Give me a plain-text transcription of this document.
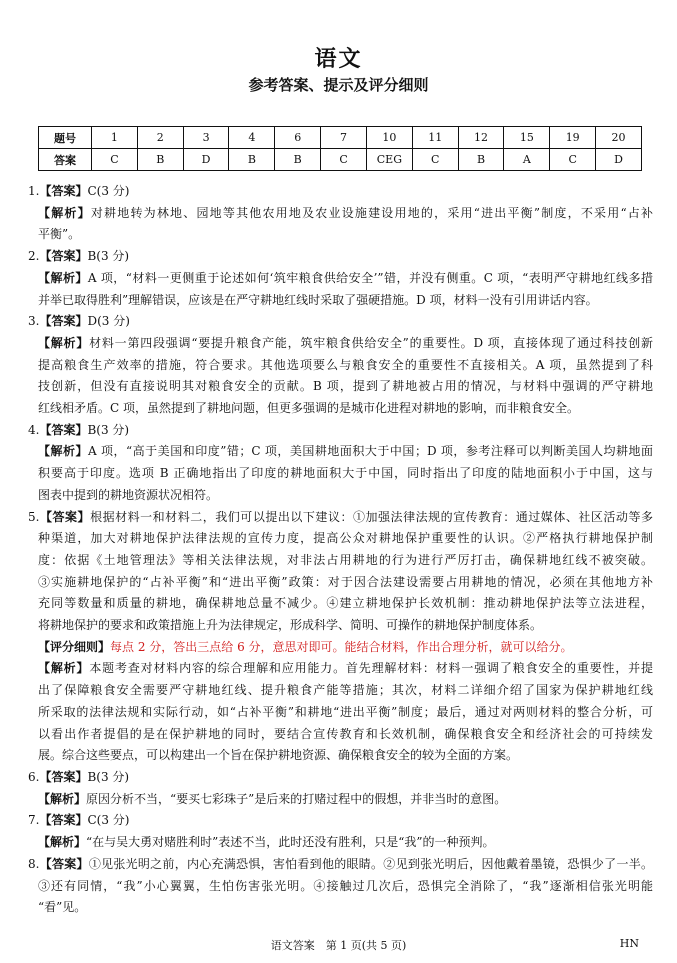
语文
参考答案、提示及评分细则
题号	1	2	3	4	6	7	10	11	12	15	19	20
答案	C	B	D	B	B	C	CEG	C	B	A	C	D
1.【答案】C(3 分)
【解析】对耕地转为林地、园地等其他农用地及农业设施建设用地的，采用“进出平衡”制度，不采用“占补
平衡”。
2.【答案】B(3 分)
【解析】A 项，“材料一更侧重于论述如何‘筑牢粮食供给安全’”错，并没有侧重。C 项，“表明严守耕地红线多措
并举已取得胜利”理解错误，应该是在严守耕地红线时采取了强硬措施。D 项，材料一没有引用讲话内容。
3.【答案】D(3 分)
【解析】材料一第四段强调“要提升粮食产能，筑牢粮食供给安全”的重要性。D 项，直接体现了通过科技创新
提高粮食生产效率的措施，符合要求。其他选项要么与粮食安全的重要性不直接相关。A 项，虽然提到了科
技创新，但没有直接说明其对粮食安全的贡献。B 项，提到了耕地被占用的情况，与材料中强调的严守耕地
红线相矛盾。C 项，虽然提到了耕地问题，但更多强调的是城市化进程对耕地的影响，而非粮食安全。
4.【答案】B(3 分)
【解析】A 项，“高于美国和印度”错；C 项，美国耕地面积大于中国；D 项，参考注释可以判断美国人均耕地面
积要高于印度。选项 B 正确地指出了印度的耕地面积大于中国，同时指出了印度的陆地面积小于中国，这与
图表中提到的耕地资源状况相符。
5.【答案】根据材料一和材料二，我们可以提出以下建议：①加强法律法规的宣传教育：通过媒体、社区活动等多
种渠道，加大对耕地保护法律法规的宣传力度，提高公众对耕地保护重要性的认识。②严格执行耕地保护制
度：依据《土地管理法》等相关法律法规，对非法占用耕地的行为进行严厉打击，确保耕地红线不被突破。
③实施耕地保护的“占补平衡”和“进出平衡”政策：对于因合法建设需要占用耕地的情况，必须在其他地方补
充同等数量和质量的耕地，确保耕地总量不减少。④建立耕地保护长效机制：推动耕地保护法等立法进程，
将耕地保护的要求和政策措施上升为法律规定，形成科学、简明、可操作的耕地保护制度体系。
【评分细则】每点 2 分，答出三点给 6 分，意思对即可。能结合材料，作出合理分析，就可以给分。
【解析】本题考查对材料内容的综合理解和应用能力。首先理解材料：材料一强调了粮食安全的重要性，并提
出了保障粮食安全需要严守耕地红线、提升粮食产能等措施；其次，材料二详细介绍了国家为保护耕地红线
所采取的法律法规和实际行动，如“占补平衡”和耕地“进出平衡”制度；最后，通过对两则材料的整合分析，可
以看出作者提倡的是在保护耕地的同时，要结合宣传教育和长效机制，确保粮食安全和经济社会的可持续发
展。综合这些要点，可以构建出一个旨在保护耕地资源、确保粮食安全的较为全面的方案。
6.【答案】B(3 分)
【解析】原因分析不当，“要买七彩珠子”是后来的打赌过程中的假想，并非当时的意图。
7.【答案】C(3 分)
【解析】“在与吴大勇对赌胜利时”表述不当，此时还没有胜利，只是“我”的一种预判。
8.【答案】①见张光明之前，内心充满恐惧，害怕看到他的眼睛。②见到张光明后，因他戴着墨镜，恐惧少了一半。
③还有同情，“我”小心翼翼，生怕伤害张光明。④接触过几次后，恐惧完全消除了，“我”逐渐相信张光明能
“看”见。
语文答案　第 1 页(共 5 页)	HN
